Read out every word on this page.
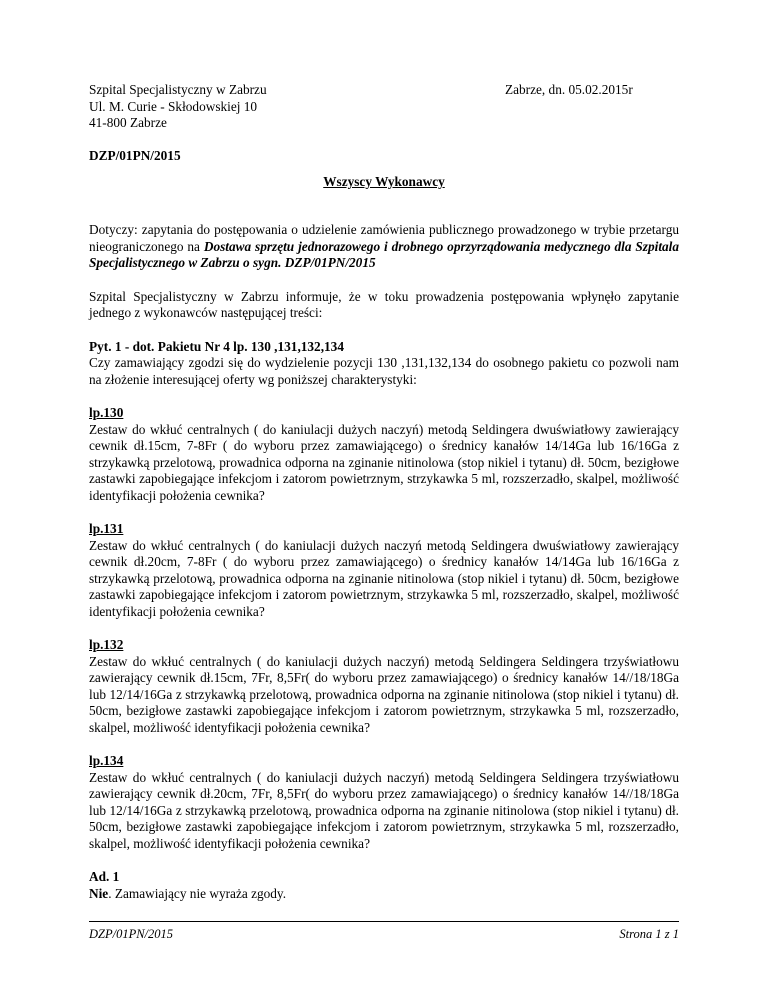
Szpital Specjalistyczny w Zabrzu
Ul. M. Curie - Skłodowskiej 10
41-800 Zabrze
Zabrze, dn. 05.02.2015r
DZP/01PN/2015
Wszyscy Wykonawcy

Dotyczy: zapytania do postępowania o udzielenie zamówienia publicznego prowadzonego w trybie przetargu nieograniczonego na Dostawa sprzętu jednorazowego i drobnego oprzyrządowania medycznego dla Szpitala Specjalistycznego w Zabrzu o sygn. DZP/01PN/2015

Szpital Specjalistyczny w Zabrzu informuje, że w toku prowadzenia postępowania wpłynęło zapytanie jednego z wykonawców następującej treści:

Pyt. 1 - dot. Pakietu Nr 4 lp. 130 ,131,132,134
Czy zamawiający zgodzi się do wydzielenie pozycji 130 ,131,132,134 do osobnego pakietu co pozwoli nam na złożenie interesującej oferty wg poniższej charakterystyki:
lp.130
Zestaw do wkłuć centralnych ( do kaniulacji dużych naczyń) metodą Seldingera dwuświatłowy zawierający cewnik dł.15cm, 7-8Fr ( do wyboru przez zamawiającego) o średnicy kanałów 14/14Ga lub 16/16Ga z strzykawką przelotową, prowadnica odporna na zginanie nitinolowa (stop nikiel i tytanu) dł. 50cm, bezigłowe zastawki zapobiegające infekcjom i zatorom powietrznym, strzykawka 5 ml, rozszerzadło, skalpel, możliwość identyfikacji położenia cewnika?
lp.131
Zestaw do wkłuć centralnych ( do kaniulacji dużych naczyń metodą Seldingera dwuświatłowy zawierający cewnik dł.20cm, 7-8Fr ( do wyboru przez zamawiającego) o średnicy kanałów 14/14Ga lub 16/16Ga z strzykawką przelotową, prowadnica odporna na zginanie nitinolowa (stop nikiel i tytanu) dł. 50cm, bezigłowe zastawki zapobiegające infekcjom i zatorom powietrznym, strzykawka 5 ml, rozszerzadło, skalpel, możliwość identyfikacji położenia cewnika?
lp.132
Zestaw do wkłuć centralnych ( do kaniulacji dużych naczyń) metodą Seldingera Seldingera trzyświatłowu zawierający cewnik dł.15cm, 7Fr, 8,5Fr( do wyboru przez zamawiającego) o średnicy kanałów 14//18/18Ga lub 12/14/16Ga z strzykawką przelotową, prowadnica odporna na zginanie nitinolowa (stop nikiel i tytanu) dł. 50cm, bezigłowe zastawki zapobiegające infekcjom i zatorom powietrznym, strzykawka 5 ml, rozszerzadło, skalpel, możliwość identyfikacji położenia cewnika?
lp.134
Zestaw do wkłuć centralnych ( do kaniulacji dużych naczyń) metodą Seldingera Seldingera trzyświatłowu zawierający cewnik dł.20cm, 7Fr, 8,5Fr( do wyboru przez zamawiającego) o średnicy kanałów 14//18/18Ga lub 12/14/16Ga z strzykawką przelotową, prowadnica odporna na zginanie nitinolowa (stop nikiel i tytanu) dł. 50cm, bezigłowe zastawki zapobiegające infekcjom i zatorom powietrznym, strzykawka 5 ml, rozszerzadło, skalpel, możliwość identyfikacji położenia cewnika?
Ad. 1
Nie. Zamawiający nie wyraża zgody.
DZP/01PN/2015	Strona 1 z 1
